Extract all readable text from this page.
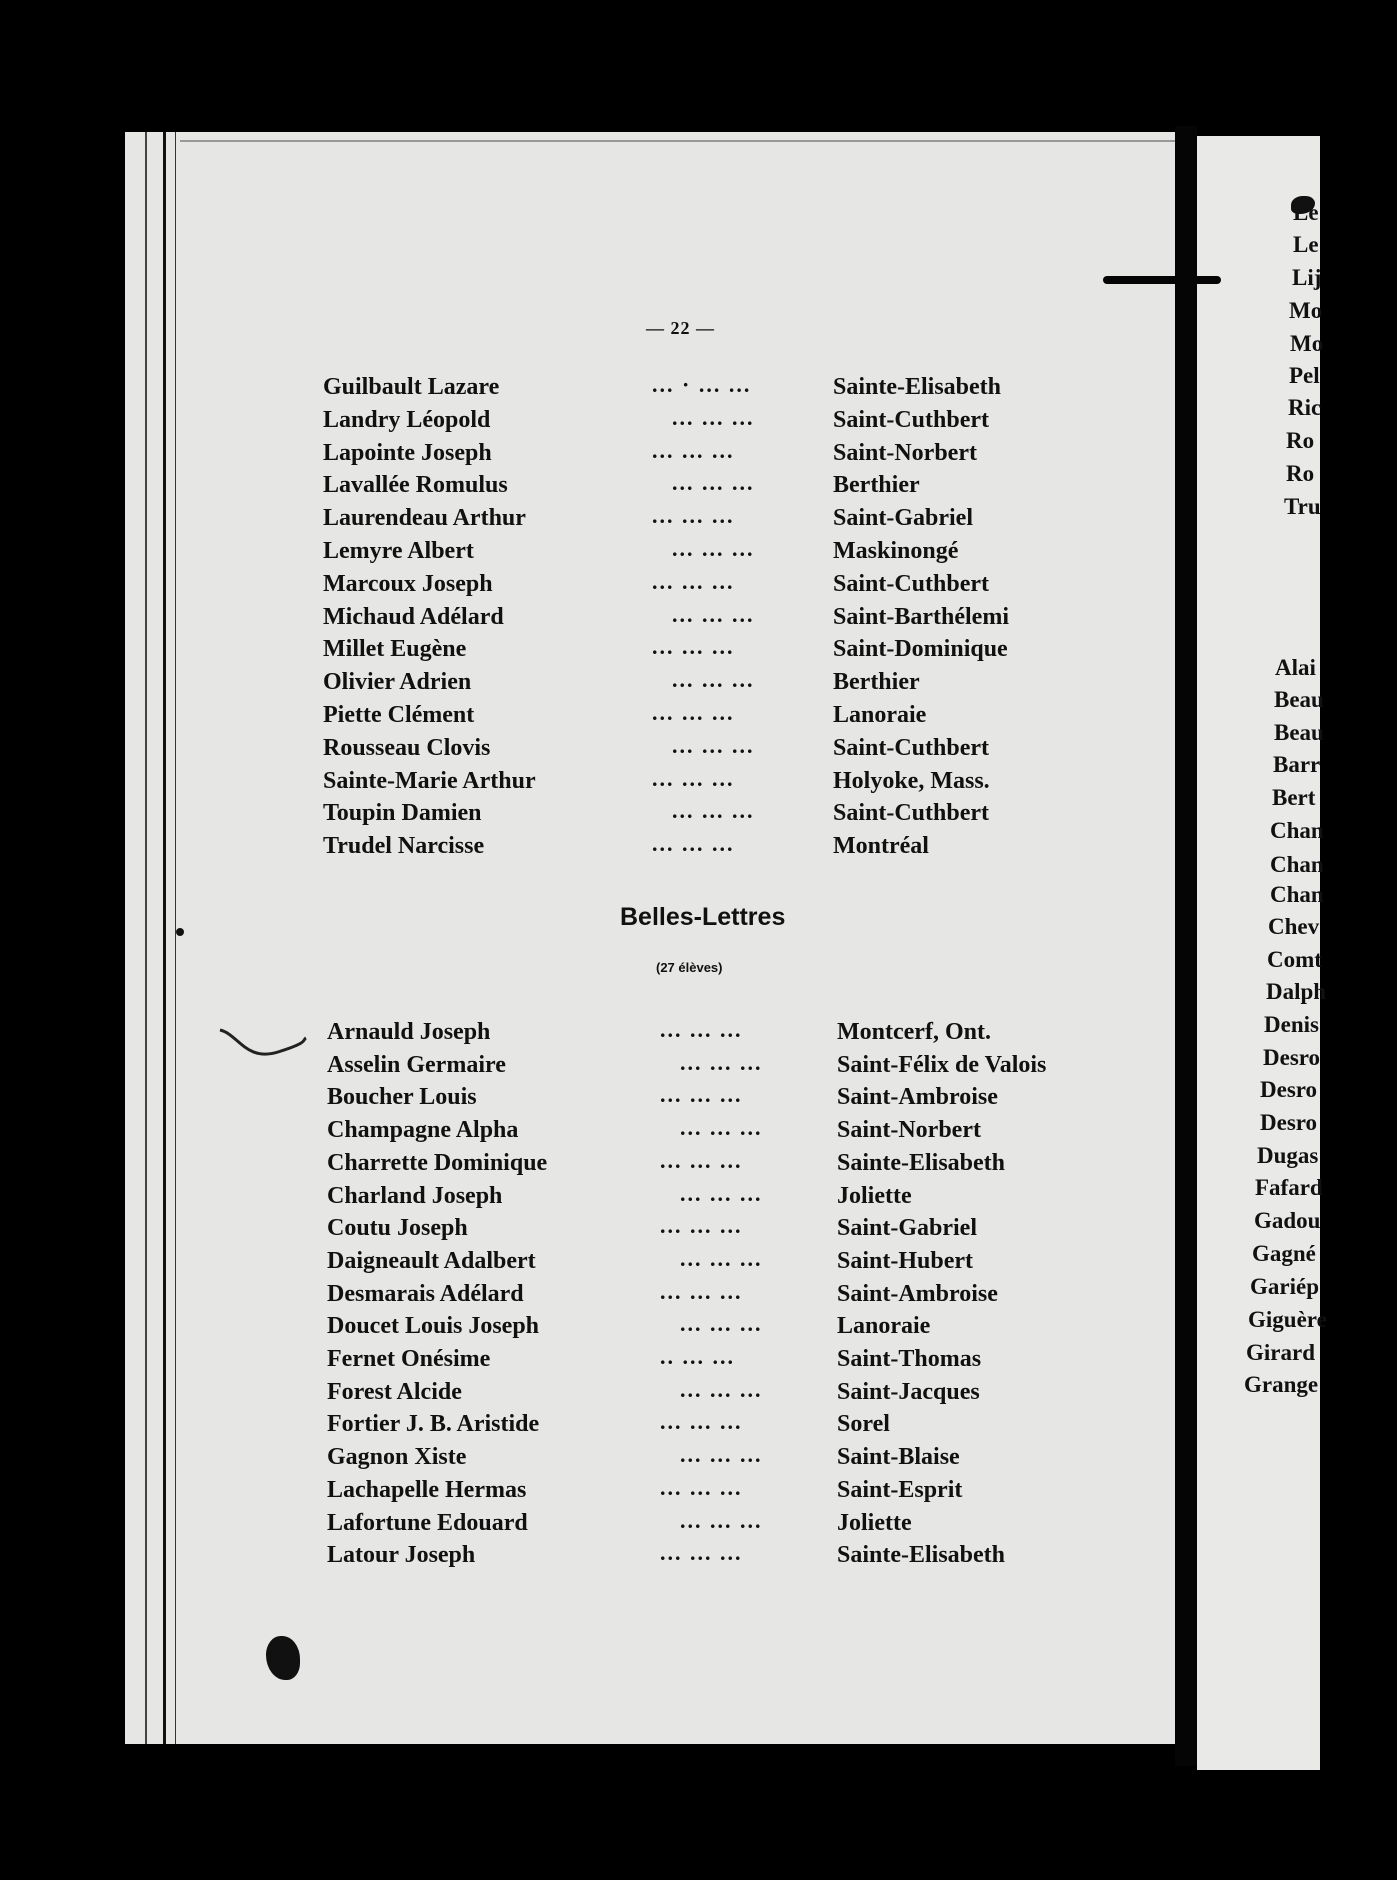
Le
Le
Lij
Mo
Mo
Pel
Ric
Ro
Ro
Tru
Alai
Beau
Beau
Barr
Bert
Chan
Chan
Chan
Chev
Comt
Dalph
Denis
Desro
Desro
Desro
Dugas
Fafard
Gadou
Gagné
Gariép
Giguère
Girard
Grange
— 22 —
Guilbault Lazare	... · ... ...	Sainte-Elisabeth
Landry Léopold	... ... ...	Saint-Cuthbert
Lapointe Joseph	... ... ...	Saint-Norbert
Lavallée Romulus	... ... ...	Berthier
Laurendeau Arthur	... ... ...	Saint-Gabriel
Lemyre Albert	... ... ...	Maskinongé
Marcoux Joseph	... ... ...	Saint-Cuthbert
Michaud Adélard	... ... ...	Saint-Barthélemi
Millet Eugène	... ... ...	Saint-Dominique
Olivier Adrien	... ... ...	Berthier
Piette Clément	... ... ...	Lanoraie
Rousseau Clovis	... ... ...	Saint-Cuthbert
Sainte-Marie Arthur	... ... ...	Holyoke, Mass.
Toupin Damien	... ... ...	Saint-Cuthbert
Trudel Narcisse	... ... ...	Montréal
Belles-Lettres
(27 élèves)
Arnauld Joseph	... ... ...	Montcerf, Ont.
Asselin Germaire	... ... ...	Saint-Félix de Valois
Boucher Louis	... ... ...	Saint-Ambroise
Champagne Alpha	... ... ...	Saint-Norbert
Charrette Dominique	... ... ...	Sainte-Elisabeth
Charland Joseph	... ... ...	Joliette
Coutu Joseph	... ... ...	Saint-Gabriel
Daigneault Adalbert	... ... ...	Saint-Hubert
Desmarais Adélard	... ... ...	Saint-Ambroise
Doucet Louis Joseph	... ... ...	Lanoraie
Fernet Onésime	.. ... ...	Saint-Thomas
Forest Alcide	... ... ...	Saint-Jacques
Fortier J. B. Aristide	... ... ...	Sorel
Gagnon Xiste	... ... ...	Saint-Blaise
Lachapelle Hermas	... ... ...	Saint-Esprit
Lafortune Edouard	... ... ...	Joliette
Latour Joseph	... ... ...	Sainte-Elisabeth
